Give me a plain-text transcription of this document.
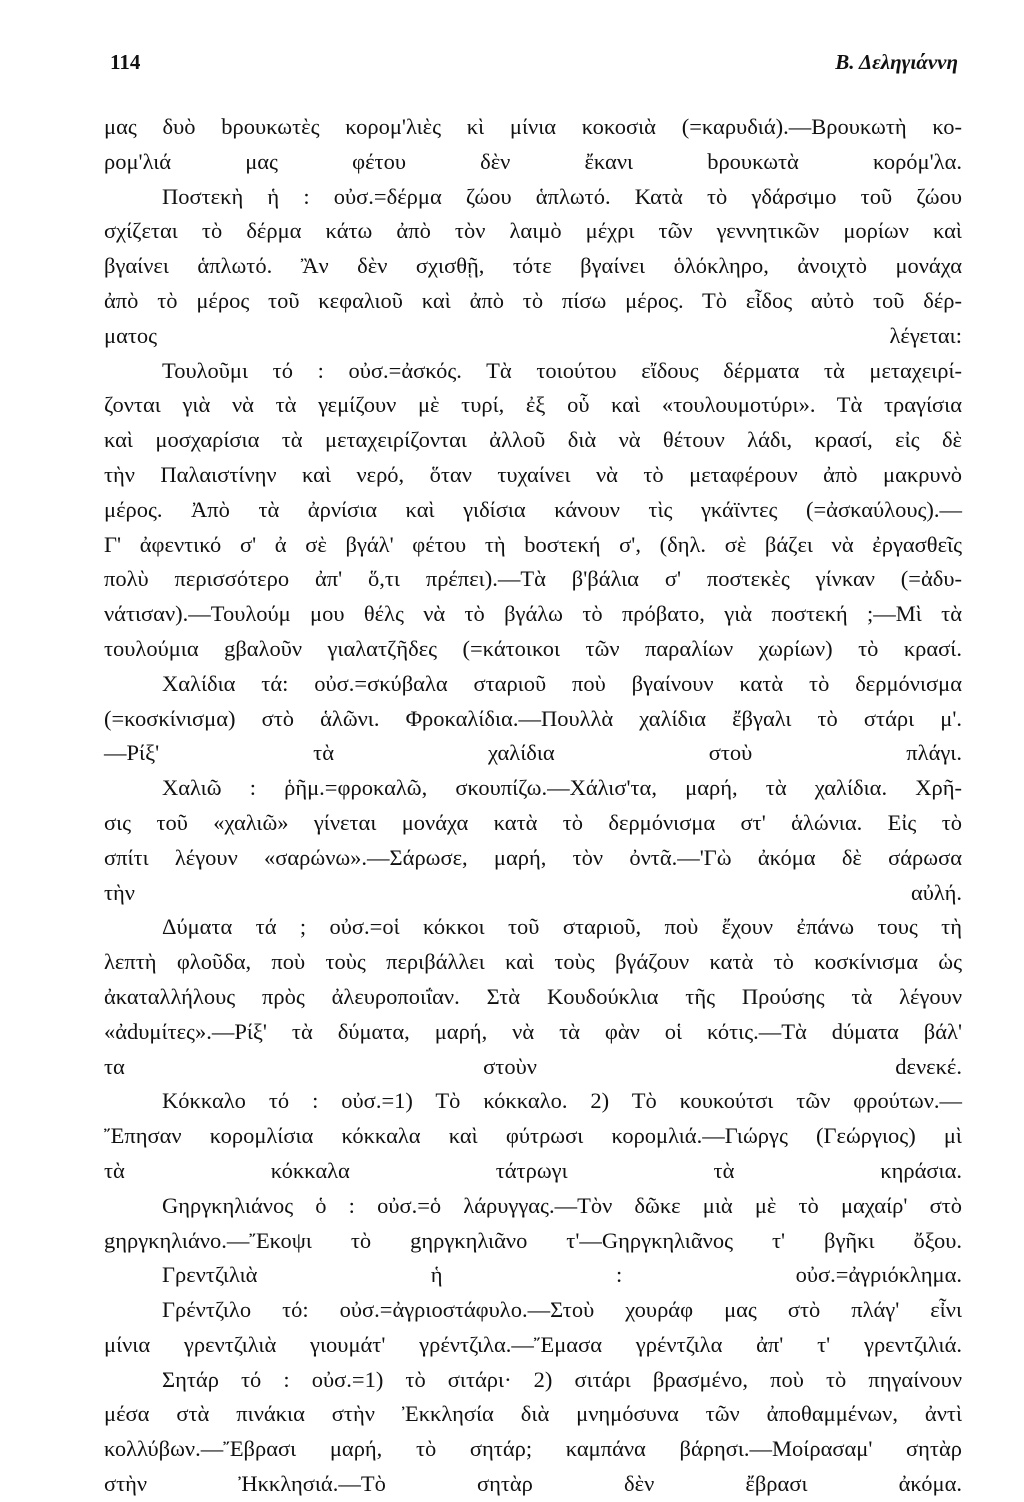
114	Β. Δεληγιάννη
μας δυὸ bρουκωτὲς κορομ'λιὲς κὶ μίνια κοκοσιὰ (=καρυδιά).—Βρουκωτὴ κο-
ρομ'λιά μας φέτου δὲν ἔκανι bρουκωτὰ κορόμ'λα.
Ποστεκὴ ἡ : οὐσ.=δέρμα ζώου ἁπλωτό. Κατὰ τὸ γδάρσιμο τοῦ ζώου
σχίζεται τὸ δέρμα κάτω ἀπὸ τὸν λαιμὸ μέχρι τῶν γεννητικῶν μορίων καὶ
βγαίνει ἁπλωτό. Ἂν δὲν σχισθῇ, τότε βγαίνει ὁλόκληρο, ἀνοιχτὸ μονάχα
ἀπὸ τὸ μέρος τοῦ κεφαλιοῦ καὶ ἀπὸ τὸ πίσω μέρος. Τὸ εἶδος αὐτὸ τοῦ δέρ-
ματος λέγεται:
Τουλοῦμι τό : οὐσ.=ἀσκός. Τὰ τοιούτου εἴδους δέρματα τὰ μεταχειρί-
ζονται γιὰ νὰ τὰ γεμίζουν μὲ τυρί, ἐξ οὗ καὶ «τουλουμοτύρι». Τὰ τραγίσια
καὶ μοσχαρίσια τὰ μεταχειρίζονται ἀλλοῦ διὰ νὰ θέτουν λάδι, κρασί, εἰς δὲ
τὴν Παλαιστίνην καὶ νερό, ὅταν τυχαίνει νὰ τὸ μεταφέρουν ἀπὸ μακρυνὸ
μέρος. Ἀπὸ τὰ ἀρνίσια καὶ γιδίσια κάνουν τὶς γκάϊντες (=ἀσκαύλους).—
Γ' ἀφεντικό σ' ἀ σὲ βγάλ' φέτου τὴ bοστεκή σ', (δηλ. σὲ βάζει νὰ ἐργασθεῖς
πολὺ περισσότερο ἀπ' ὅ,τι πρέπει).—Τὰ β'βάλια σ' ποστεκὲς γίνκαν (=ἀδυ-
νάτισαν).—Τουλούμ μου θέλς νὰ τὸ βγάλω τὸ πρόβατο, γιὰ ποστεκή ;—Μὶ τὰ
τουλούμια gβαλοῦν γιαλατζῆδες (=κάτοικοι τῶν παραλίων χωρίων) τὸ κρασί.
Χαλίδια τά: οὐσ.=σκύβαλα σταριοῦ ποὺ βγαίνουν κατὰ τὸ δερμόνισμα
(=κοσκίνισμα) στὸ ἁλῶνι. Φροκαλίδια.—Πουλλὰ χαλίδια ἔβγαλι τὸ στάρι μ'.
—Ρίξ' τὰ χαλίδια στοὺ πλάγι.
Χαλιῶ : ῥῆμ.=φροκαλῶ, σκουπίζω.—Χάλισ'τα, μαρή, τὰ χαλίδια. Χρῆ-
σις τοῦ «χαλιῶ» γίνεται μονάχα κατὰ τὸ δερμόνισμα στ' ἁλώνια. Εἰς τὸ
σπίτι λέγουν «σαρώνω».—Σάρωσε, μαρή, τὸν ὀντᾶ.—'Γὼ ἀκόμα δὲ σάρωσα
τὴν αὐλή.
Δύματα τά ; οὐσ.=οἱ κόκκοι τοῦ σταριοῦ, ποὺ ἔχουν ἐπάνω τους τὴ
λεπτὴ φλοῦδα, ποὺ τοὺς περιβάλλει καὶ τοὺς βγάζουν κατὰ τὸ κοσκίνισμα ὡς
ἀκαταλλήλους πρὸς ἀλευροποιΐαν. Στὰ Κουδούκλια τῆς Προύσης τὰ λέγουν
«ἀdυμίτες».—Ρίξ' τὰ δύματα, μαρή, νὰ τὰ φὰν οἱ κότις.—Τὰ dύματα βάλ'
τα στοὺν dενεκέ.
Κόκκαλο τό : οὐσ.=1) Τὸ κόκκαλο. 2) Τὸ κουκούτσι τῶν φρούτων.—
Ἔπησαν κορομλίσια κόκκαλα καὶ φύτρωσι κορομλιά.—Γιώργς (Γεώργιος) μὶ
τὰ κόκκαλα τάτρωγι τὰ κηράσια.
Gηργκηλιάνος ὁ : οὐσ.=ὁ λάρυγγας.—Τὸν δῶκε μιὰ μὲ τὸ μαχαίρ' στὸ
gηργκηλιάνο.—Ἔκοψι τὸ gηργκηλιᾶνο τ'—Gηργκηλιᾶνος τ' βγῆκι ὄξου.
Γρεντζιλιὰ ἡ : οὐσ.=ἀγριόκλημα.
Γρέντζιλο τό: οὐσ.=ἀγριοστάφυλο.—Στοὺ χουράφ μας στὸ πλάγ' εἶνι
μίνια γρεντζιλιὰ γιουμάτ' γρέντζιλα.—Ἔμασα γρέντζιλα ἀπ' τ' γρεντζιλιά.
Σητάρ τό : οὐσ.=1) τὸ σιτάρι· 2) σιτάρι βρασμένο, ποὺ τὸ πηγαίνουν
μέσα στὰ πινάκια στὴν Ἐκκλησία διὰ μνημόσυνα τῶν ἀποθαμμένων, ἀντὶ
κολλύβων.—Ἔβρασι μαρή, τὸ σητάρ; καμπάνα βάρησι.—Μοίρασαμ' σητὰρ
στὴν Ἠκκλησιά.—Τὸ σητὰρ δὲν ἔβρασι ἀκόμα.
